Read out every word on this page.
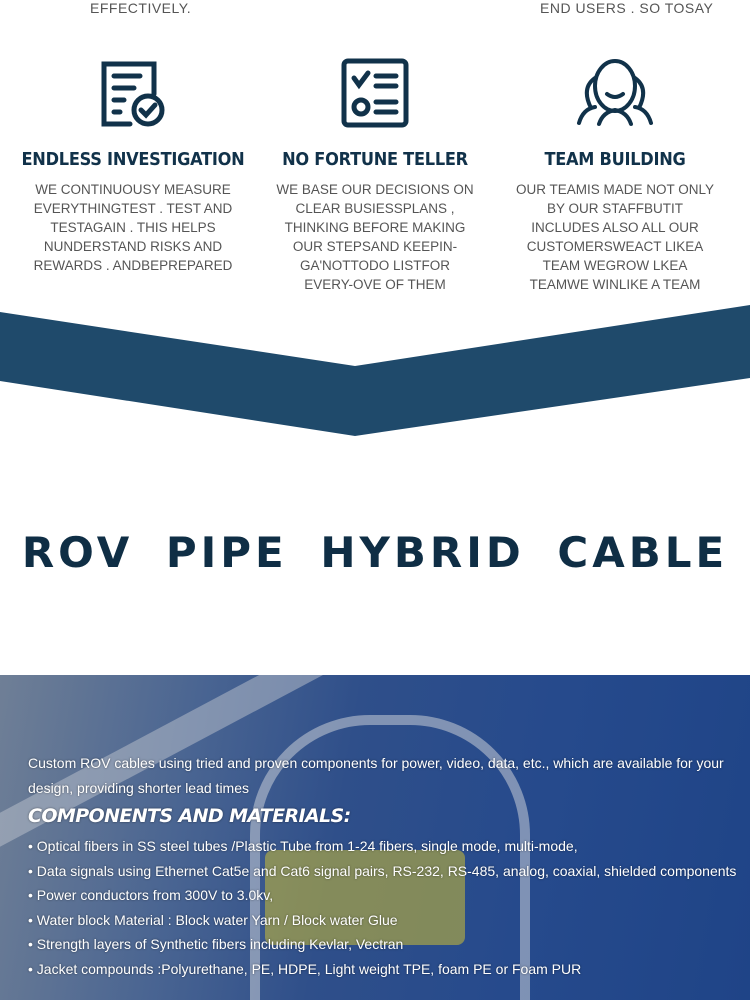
EFFECTIVELY.	END USERS . SO TOSAY
ENDLESS INVESTIGATION

WE CONTINUOUSY MEASURE EVERYTHINGTEST . TEST AND TESTAGAIN . THIS HELPS NUNDERSTAND RISKS AND REWARDS . ANDBEPREPARED

NO FORTUNE TELLER

WE BASE OUR DECISIONS ON CLEAR BUSIESSPLANS , THINKING BEFORE MAKING OUR STEPSAND KEEPIN-GA'NOTTODO LISTFOR EVERY-OVE OF THEM

TEAM BUILDING

OUR TEAMIS MADE NOT ONLY BY OUR STAFFBUTIT INCLUDES ALSO ALL OUR CUSTOMERSWEACT LIKEA TEAM WEGROW LKEA TEAMWE WINLIKE A TEAM

ROV PIPE HYBRID CABLE
Custom ROV cables using tried and proven components for power, video, data, etc., which are available for your design, providing shorter lead times
COMPONENTS AND MATERIALS:
• Optical fibers in SS steel tubes /Plastic Tube from 1-24 fibers, single mode, multi-mode,
• Data signals using Ethernet Cat5e and Cat6 signal pairs, RS-232, RS-485, analog, coaxial, shielded components
• Power conductors from 300V to 3.0kv,
• Water block Material : Block water Yarn / Block water Glue
• Strength layers of Synthetic fibers including Kevlar, Vectran
• Jacket compounds :Polyurethane, PE, HDPE, Light weight TPE, foam PE or Foam PUR
